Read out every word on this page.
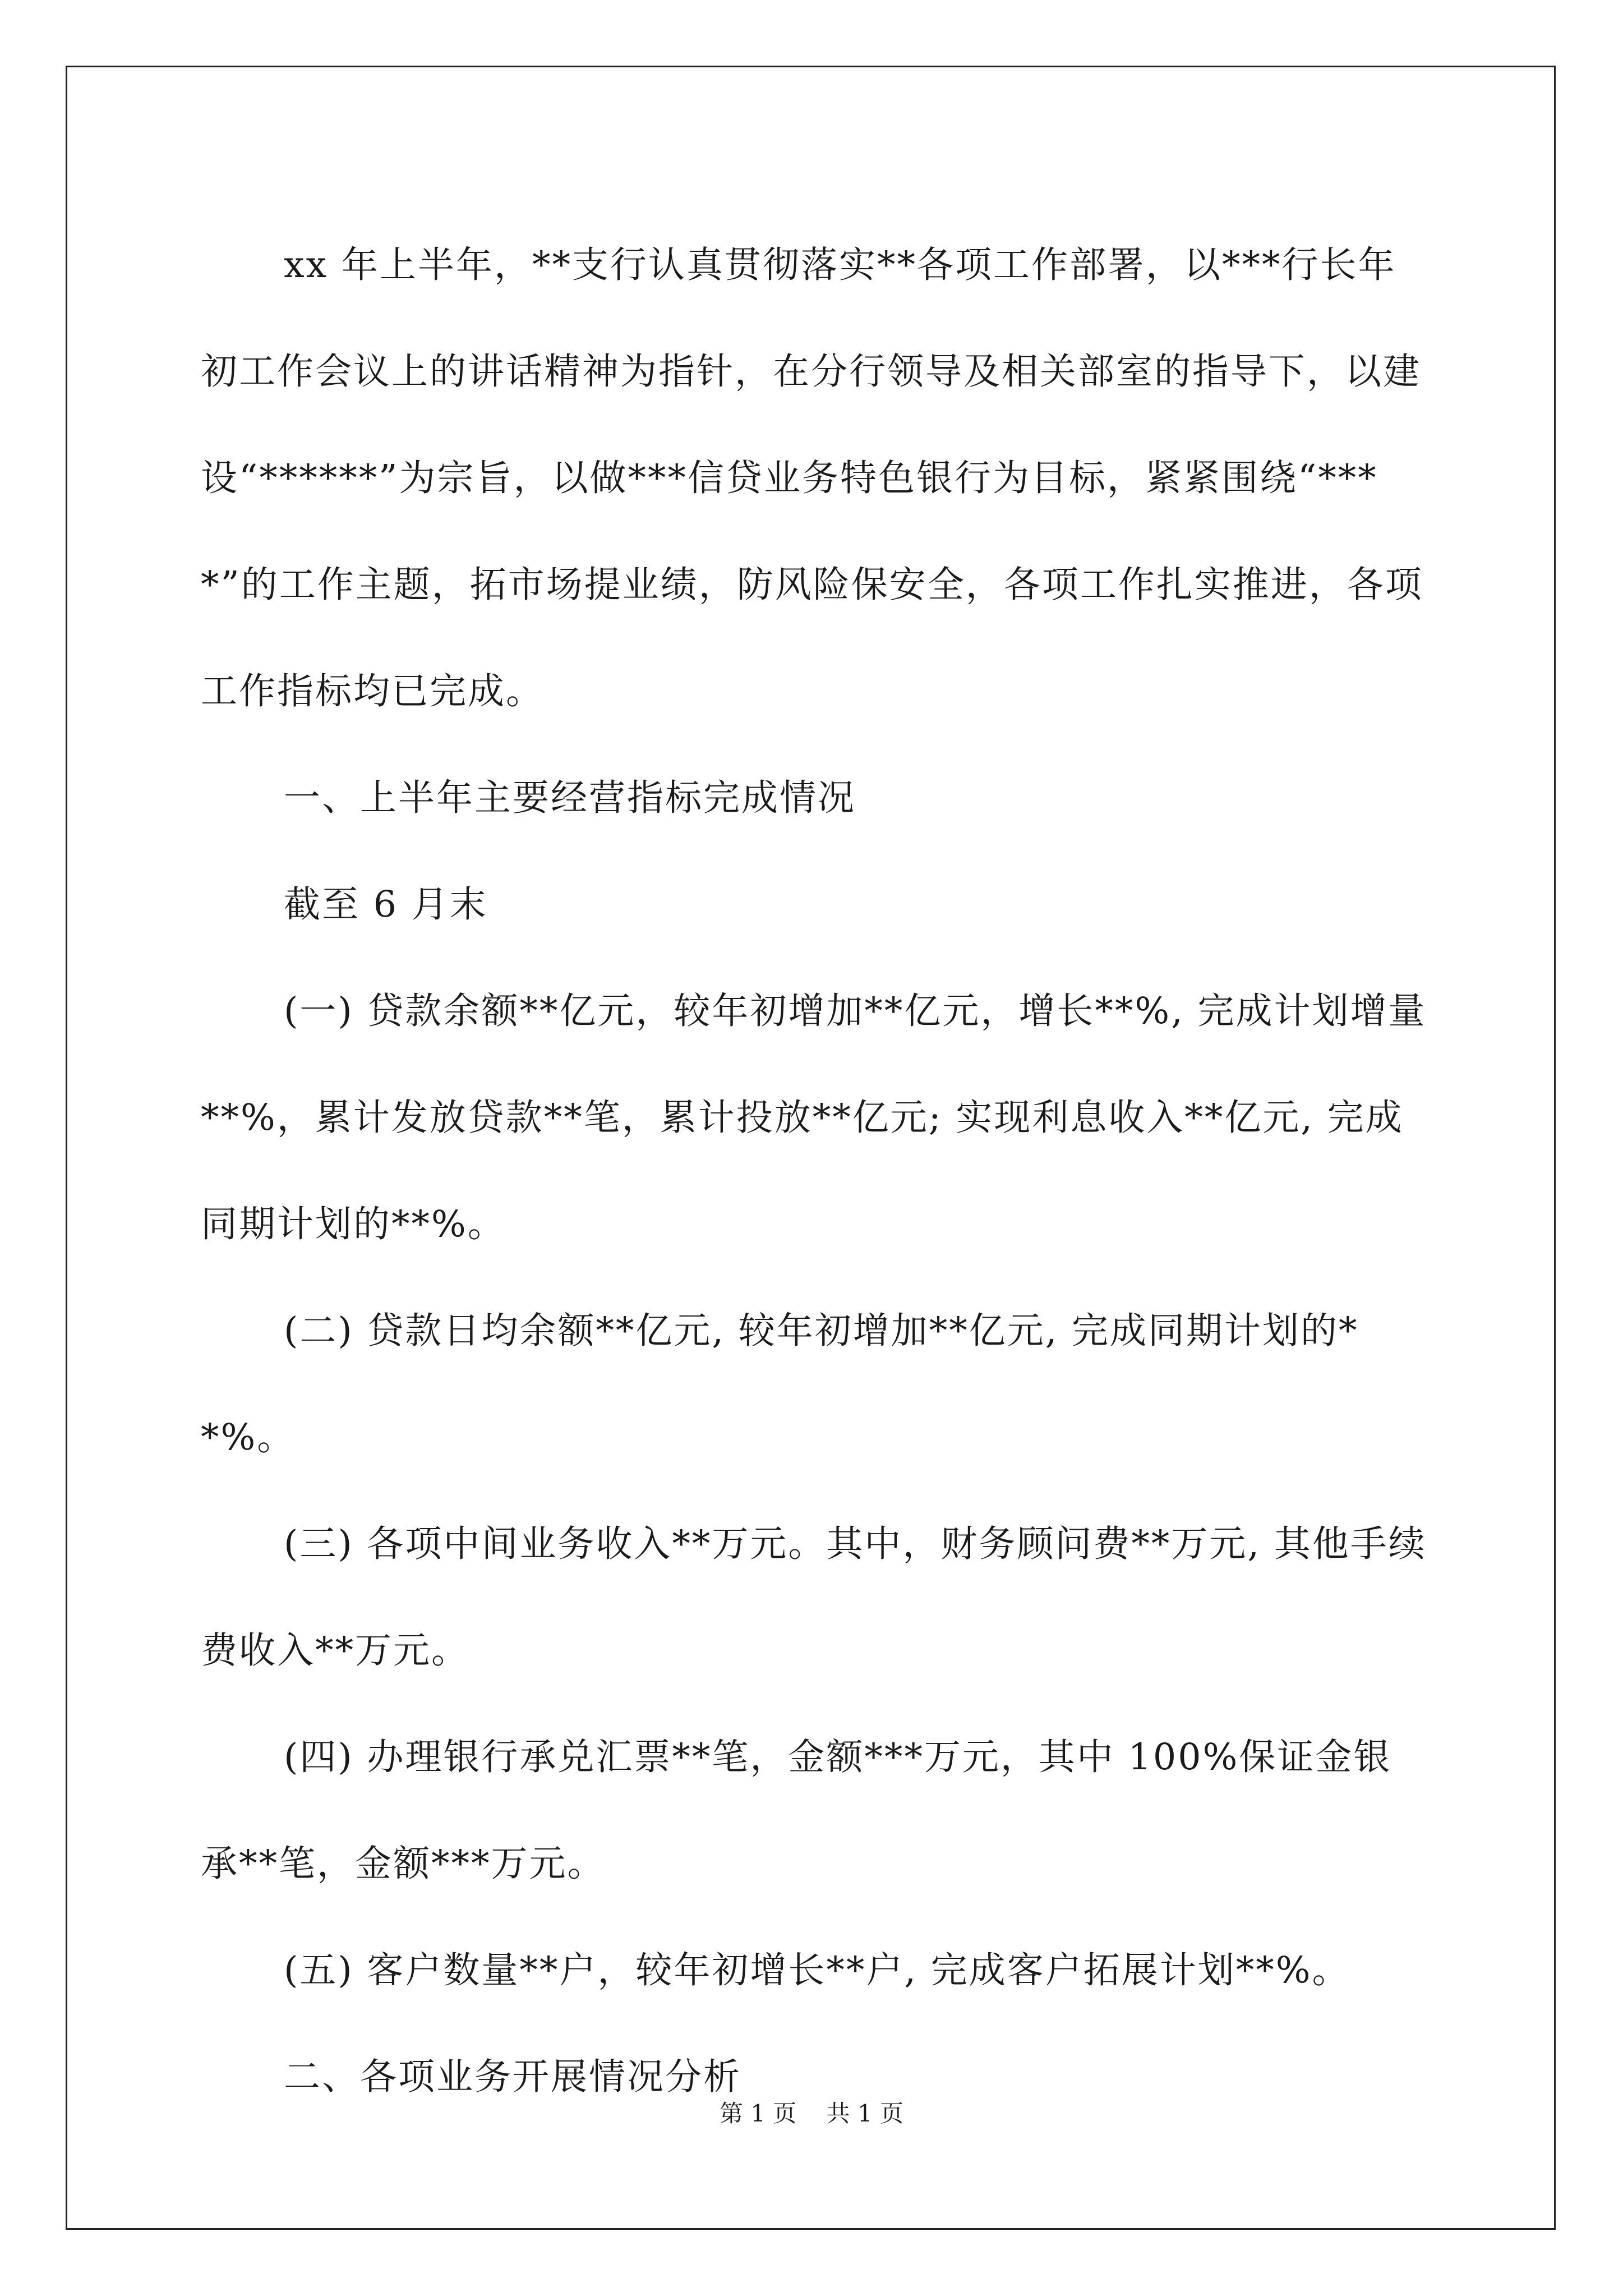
xx 年上半年，**支行认真贯彻落实**各项工作部署，以***行长年初工作会议上的讲话精神为指针，在分行领导及相关部室的指导下，以建设“******”为宗旨，以做***信贷业务特色银行为目标，紧紧围绕“****”的工作主题，拓市场提业绩，防风险保安全，各项工作扎实推进，各项工作指标均已完成。

一、上半年主要经营指标完成情况

截至 6 月末

(一) 贷款余额**亿元，较年初增加**亿元，增长**%, 完成计划增量**%，累计发放贷款**笔，累计投放**亿元; 实现利息收入**亿元, 完成同期计划的**%。

(二) 贷款日均余额**亿元, 较年初增加**亿元, 完成同期计划的**%。

(三) 各项中间业务收入**万元。其中，财务顾问费**万元, 其他手续费收入**万元。

(四) 办理银行承兑汇票**笔，金额***万元，其中 100%保证金银承**笔，金额***万元。

(五) 客户数量**户，较年初增长**户, 完成客户拓展计划**%。

二、各项业务开展情况分析

第 1 页 共 1 页
